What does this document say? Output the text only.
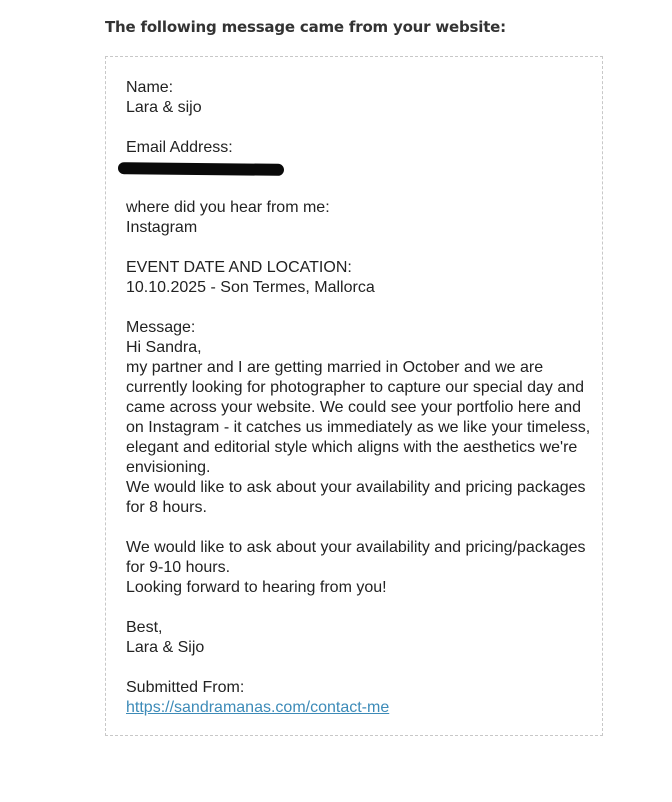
The following message came from your website:
Name:
Lara & sijo
Email Address:
where did you hear from me:
Instagram
EVENT DATE AND LOCATION:
10.10.2025 - Son Termes, Mallorca
Message:
Hi Sandra,
my partner and I are getting married in October and we are
currently looking for photographer to capture our special day and
came across your website. We could see your portfolio here and
on Instagram - it catches us immediately as we like your timeless,
elegant and editorial style which aligns with the aesthetics we're
envisioning.
We would like to ask about your availability and pricing packages
for 8 hours.
We would like to ask about your availability and pricing/packages
for 9-10 hours.
Looking forward to hearing from you!
Best,
Lara & Sijo
Submitted From:
https://sandramanas.com/contact-me
